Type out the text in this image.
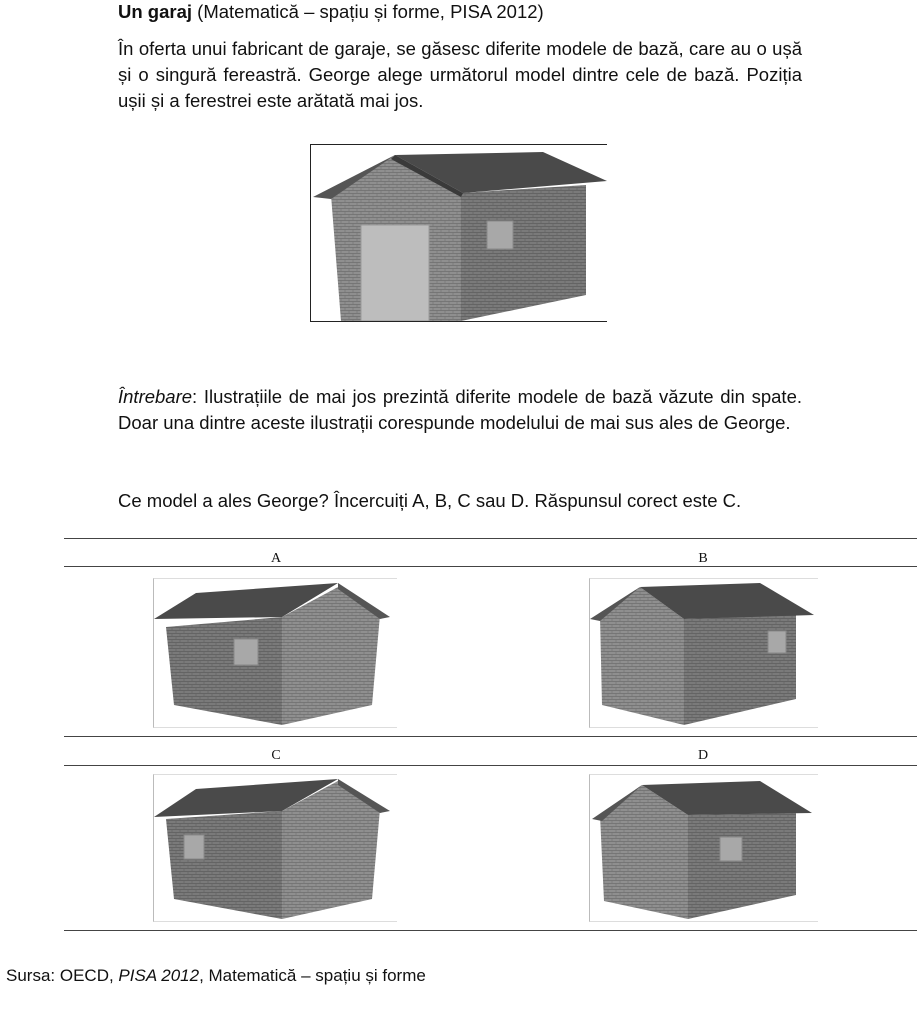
Un garaj (Matematică – spațiu și forme, PISA 2012)
În oferta unui fabricant de garaje, se găsesc diferite modele de bază, care au o ușă și o singură fereastră. George alege următorul model dintre cele de bază. Poziția ușii și a ferestrei este arătată mai jos.
Întrebare: Ilustrațiile de mai jos prezintă diferite modele de bază văzute din spate. Doar una dintre aceste ilustrații corespunde modelului de mai sus ales de George.
Ce model a ales George? Încercuiți A, B, C sau D. Răspunsul corect este C.
A	B
C	D
Sursa: OECD, PISA 2012, Matematică – spațiu și forme
